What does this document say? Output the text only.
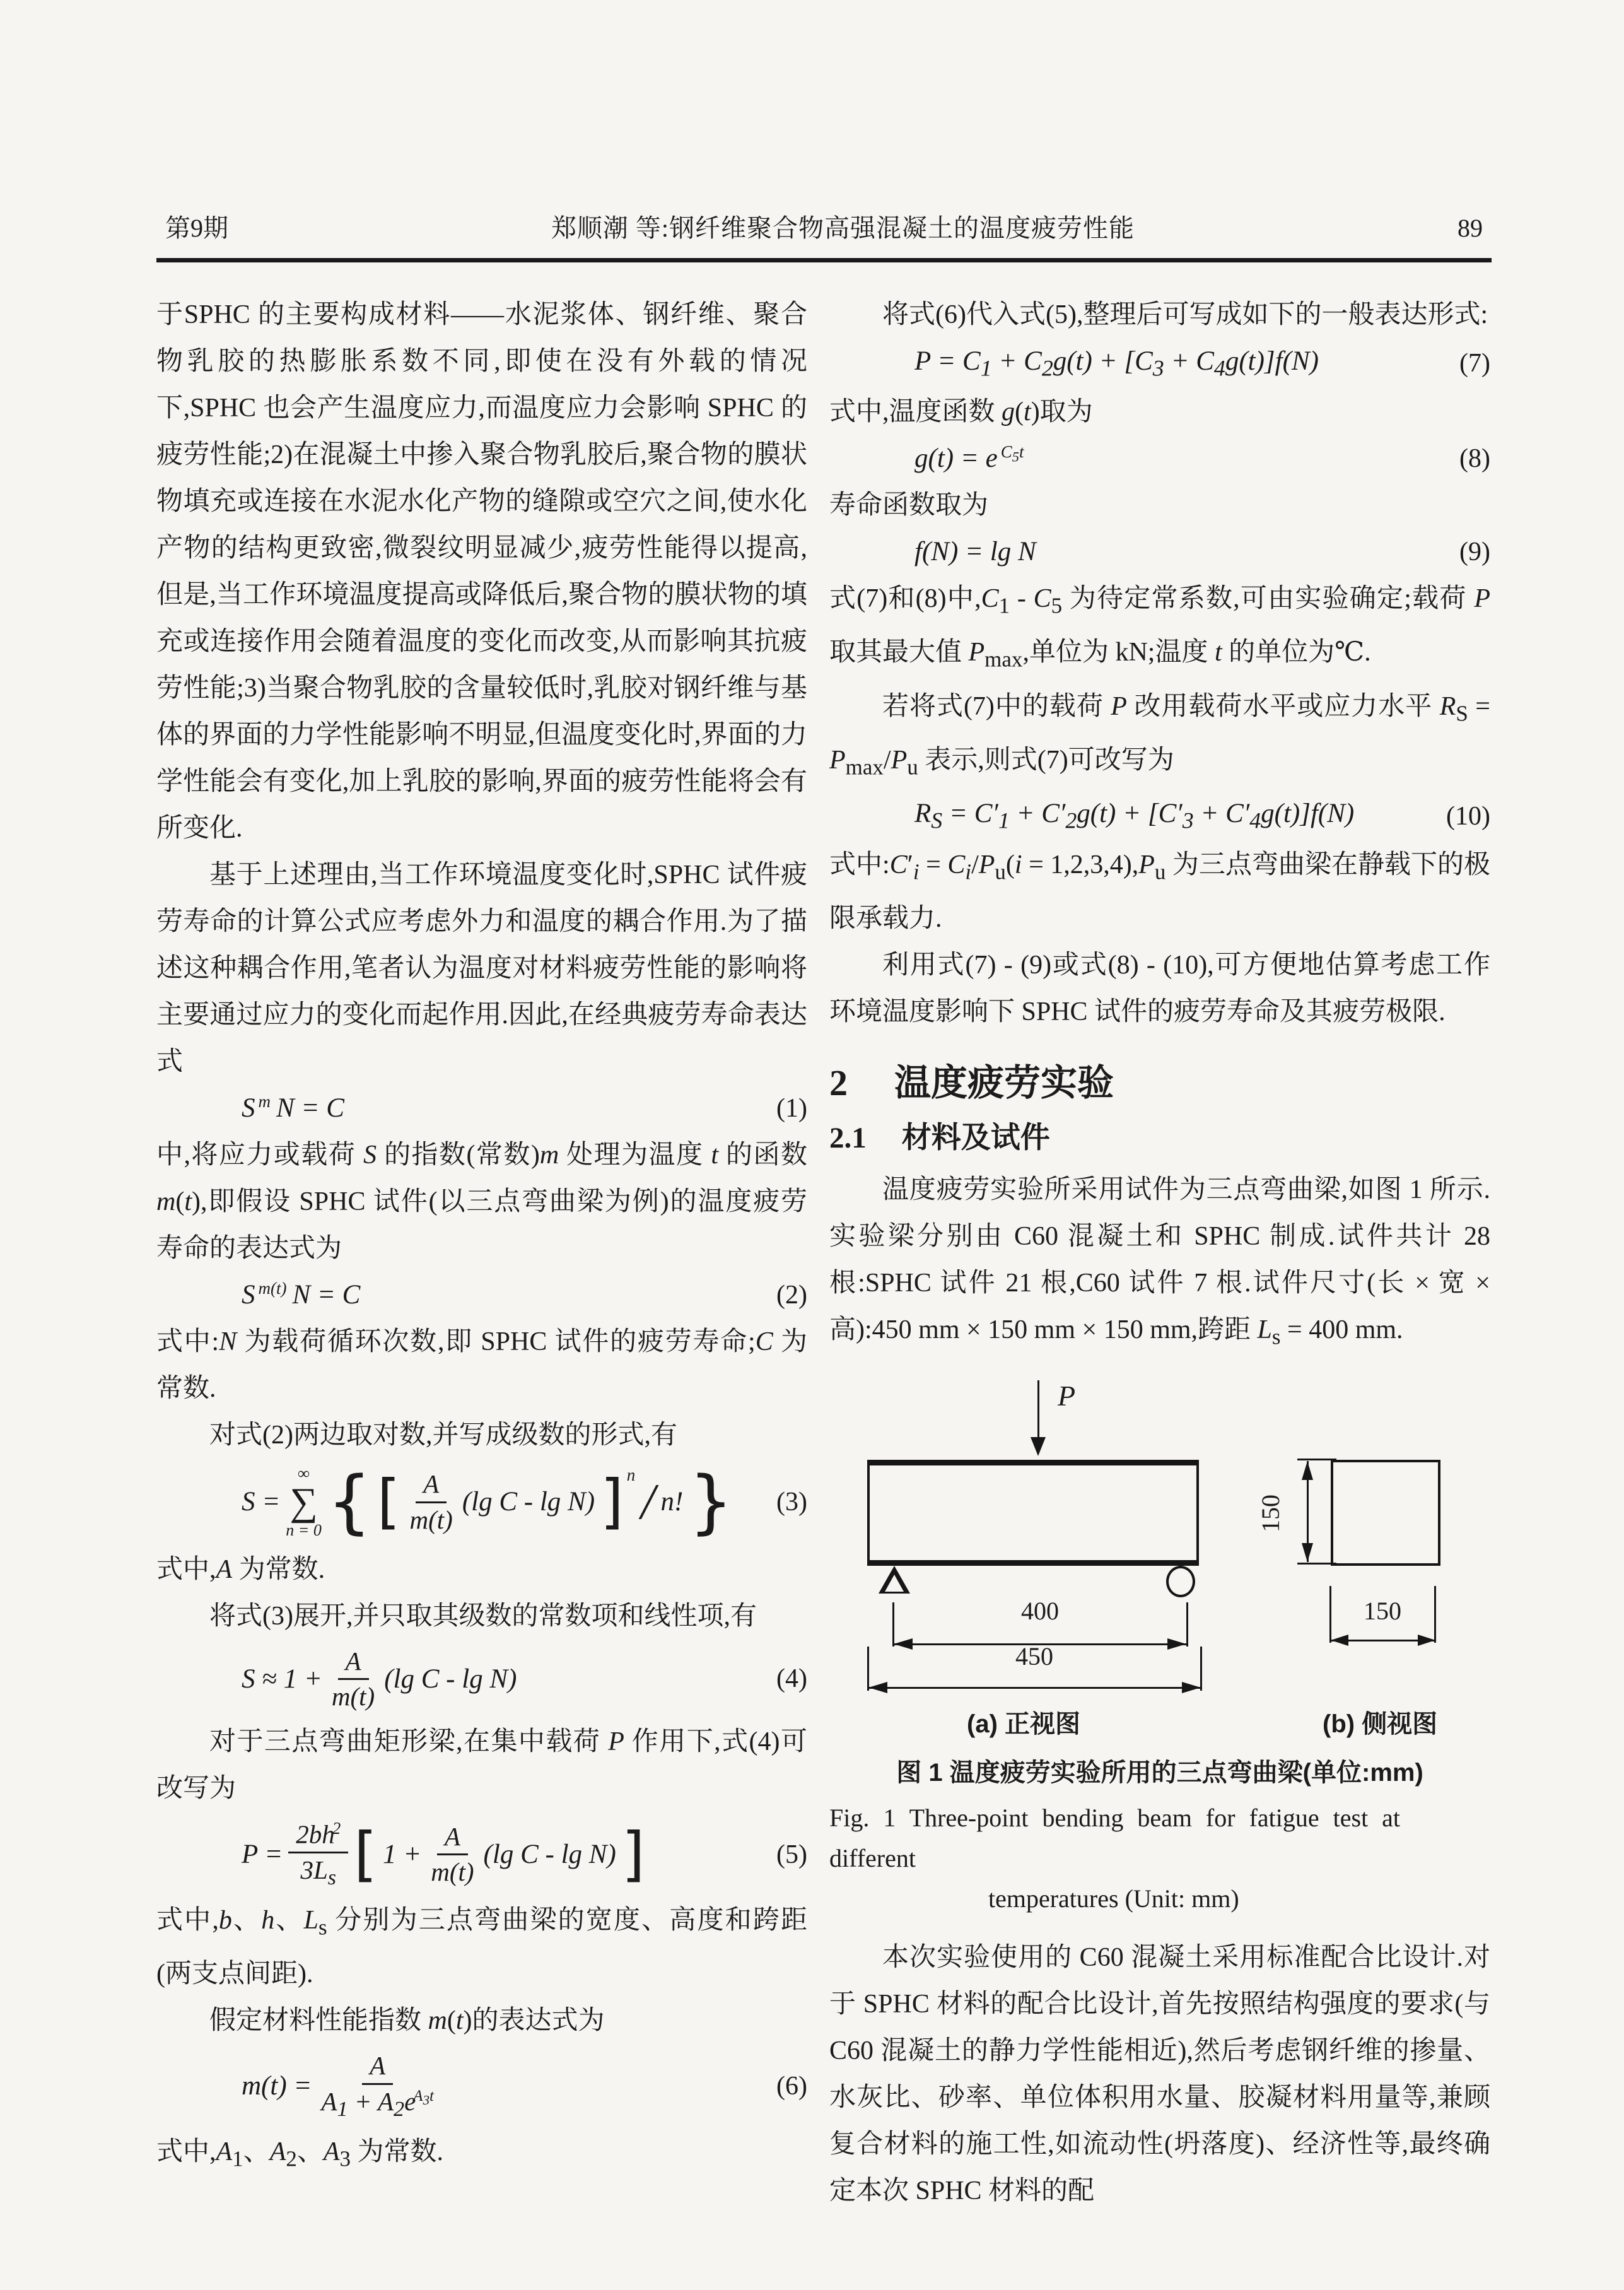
第9期	郑顺潮 等:钢纤维聚合物高强混凝土的温度疲劳性能	89

于SPHC 的主要构成材料——水泥浆体、钢纤维、聚合物乳胶的热膨胀系数不同,即使在没有外载的情况下,SPHC 也会产生温度应力,而温度应力会影响 SPHC 的疲劳性能;2)在混凝土中掺入聚合物乳胶后,聚合物的膜状物填充或连接在水泥水化产物的缝隙或空穴之间,使水化产物的结构更致密,微裂纹明显减少,疲劳性能得以提高,但是,当工作环境温度提高或降低后,聚合物的膜状物的填充或连接作用会随着温度的变化而改变,从而影响其抗疲劳性能;3)当聚合物乳胶的含量较低时,乳胶对钢纤维与基体的界面的力学性能影响不明显,但温度变化时,界面的力学性能会有变化,加上乳胶的影响,界面的疲劳性能将会有所变化.

基于上述理由,当工作环境温度变化时,SPHC 试件疲劳寿命的计算公式应考虑外力和温度的耦合作用.为了描述这种耦合作用,笔者认为温度对材料疲劳性能的影响将主要通过应力的变化而起作用.因此,在经典疲劳寿命表达式

$S^m$ N = C	(1)

中,将应力或载荷 S 的指数(常数)m 处理为温度 t 的函数 m(t),即假设 SPHC 试件(以三点弯曲梁为例)的温度疲劳寿命的表达式为

$S^{m(t)}$ N = C	(2)

式中:N 为载荷循环次数,即 SPHC 试件的疲劳寿命;C 为常数.

对式(2)两边取对数,并写成级数的形式,有

S =
∞
∑
n = 0 { [ $\frac{A}{m(t)} (\lg$ C - lg N) ] n / n! } (3)

式中,A 为常数.

将式(3)展开,并只取其级数的常数项和线性项,有

$S \approx 1 + \frac{A}{m(t)} (\lg$ C - lg N)	(4)

对于三点弯曲矩形梁,在集中载荷 P 作用下,式(4)可改写为

$P = \frac{2bh^2}{3L_s}$ [ $1 + \frac{A}{m(t)} (\lg$ C - lg N) ]	(5)

式中,b、h、$L_s$ 分别为三点弯曲梁的宽度、高度和跨距(两支点间距).

假定材料性能指数 m(t)的表达式为

$m(t) = \frac{A}{A_1 + A_2e^{A_3t}}$	(6)

式中$,A_1$、$A_2$、$A_3$ 为常数.

将式(6)代入式(5),整理后可写成如下的一般表达形式:

$P = C_1 + C_2g(t) + [C_3 + C_4g(t)]f(N)$	(7)

式中,温度函数 g(t)取为

g(t) = e $C_5t$	(8)

寿命函数取为

f(N) = lg N	(9)

式(7)和(8)中$,C_1 - C_5$ 为待定常系数,可由实验确定;载荷 P 取其最大值 $P_{max}$,单位为 kN;温度 t 的单位为℃.

若将式(7)中的载荷 P 改用载荷水平或应力水平 $R_S = P_{max}/P_u$ 表示,则式(7)可改写为

$R_S = C'_1 + C'_2g(t) + [C'_3 + C'_4g(t)]f(N)$	(10)

式中$:C'_i = C_i/P_u(i = 1,2,3,4),P_u$ 为三点弯曲梁在静载下的极限承载力.

利用式(7) - (9)或式(8) - (10),可方便地估算考虑工作环境温度影响下 SPHC 试件的疲劳寿命及其疲劳极限.

2 温度疲劳实验
2.1 材料及试件

温度疲劳实验所采用试件为三点弯曲梁,如图 1 所示.实验梁分别由 C60 混凝土和 SPHC 制成.试件共计 28 根:SPHC 试件 21 根,C60 试件 7 根.试件尺寸(长 × 宽 × 高):450 mm × 150 mm × 150 mm,跨距 $L_s = 400$ mm.

P
400
450
150
150
(a) 正视图	(b) 侧视图
图 1 温度疲劳实验所用的三点弯曲梁(单位:mm)
Fig. 1 Three-point bending beam for fatigue test at different
temperatures (Unit: mm)

本次实验使用的 C60 混凝土采用标准配合比设计.对于 SPHC 材料的配合比设计,首先按照结构强度的要求(与 C60 混凝土的静力学性能相近),然后考虑钢纤维的掺量、水灰比、砂率、单位体积用水量、胶凝材料用量等,兼顾复合材料的施工性,如流动性(坍落度)、经济性等,最终确定本次 SPHC 材料的配
